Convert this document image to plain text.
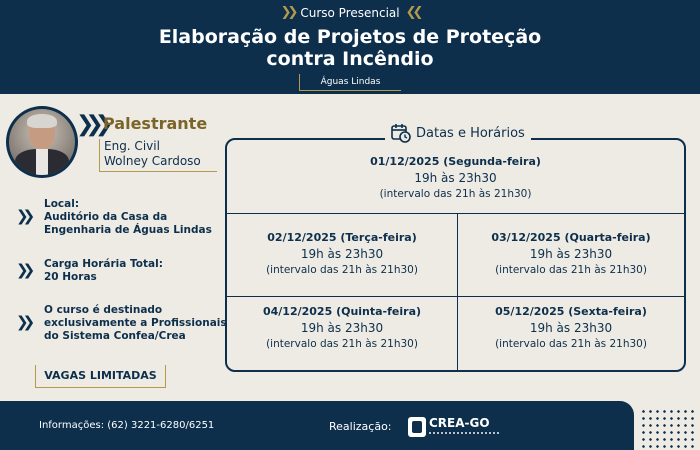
❯❯ Curso Presencial ❮❮
Elaboração de Projetos de Proteção
contra Incêndio
Águas Lindas
❯❯❯
Palestrante
Eng. Civil
Wolney Cardoso
❯❯
Local:
Auditório da Casa da
Engenharia de Águas Lindas
❯❯ Carga Horária Total:
20 Horas
❯❯
O curso é destinado
exclusivamente a Profissionais
do Sistema Confea/Crea
VAGAS LIMITADAS
01/12/2025 (Segunda-feira)
19h às 23h30
(intervalo das 21h às 21h30)
02/12/2025 (Terça-feira)
19h às 23h30
(intervalo das 21h às 21h30)
03/12/2025 (Quarta-feira)
19h às 23h30
(intervalo das 21h às 21h30)
04/12/2025 (Quinta-feira)
19h às 23h30
(intervalo das 21h às 21h30)
05/12/2025 (Sexta-feira)
19h às 23h30
(intervalo das 21h às 21h30)
Datas e Horários
Informações: (62) 3221-6280/6251	Realização:	CREA-GO
